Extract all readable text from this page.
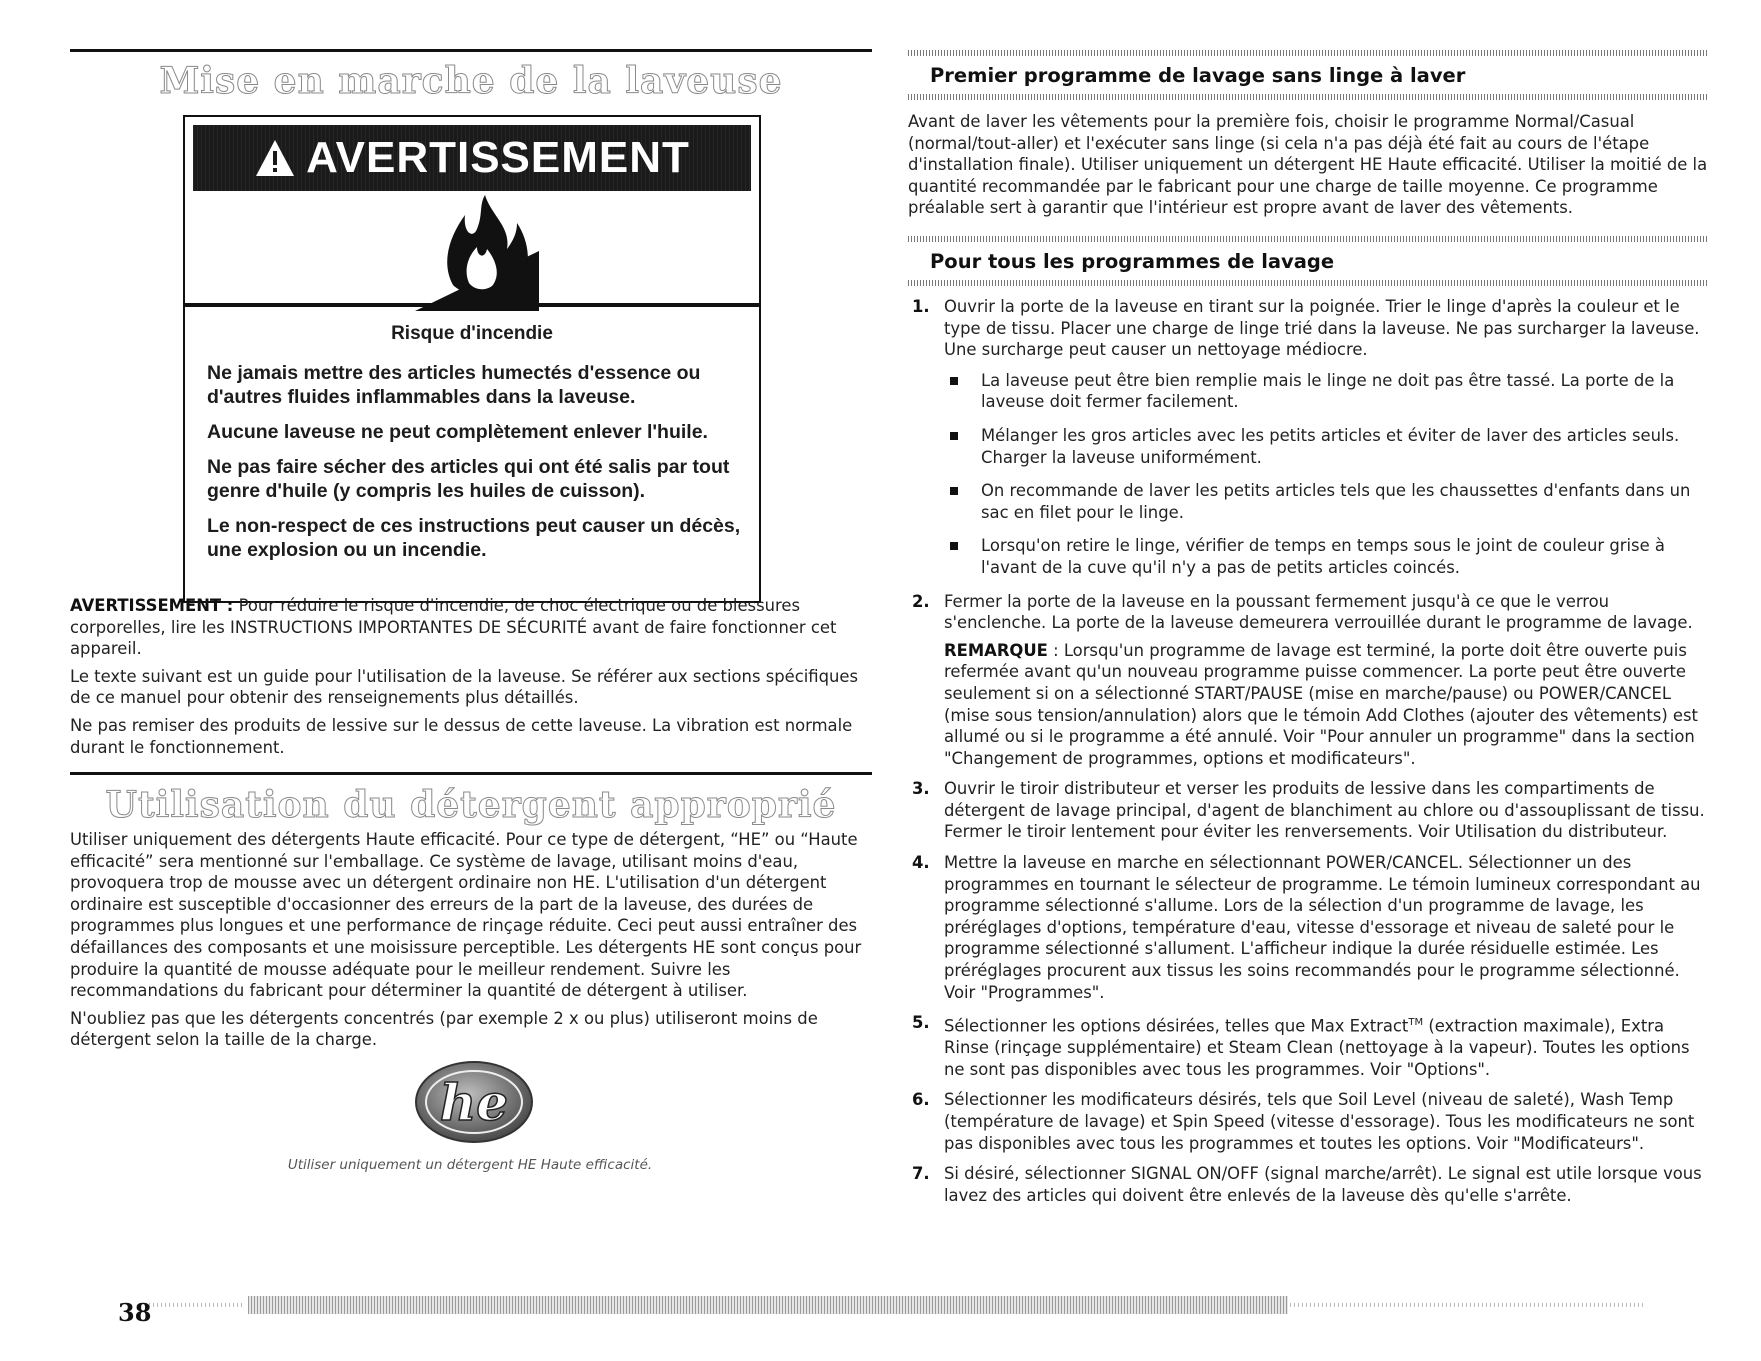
Mise en marche de la laveuse
AVERTISSEMENT
Risque d'incendie

Ne jamais mettre des articles humectés d'essence ou d'autres fluides inflammables dans la laveuse.

Aucune laveuse ne peut complètement enlever l'huile.

Ne pas faire sécher des articles qui ont été salis par tout genre d'huile (y compris les huiles de cuisson).

Le non-respect de ces instructions peut causer un décès, une explosion ou un incendie.

AVERTISSEMENT : Pour réduire le risque d'incendie, de choc électrique ou de blessures corporelles, lire les INSTRUCTIONS IMPORTANTES DE SÉCURITÉ avant de faire fonctionner cet appareil.

Le texte suivant est un guide pour l'utilisation de la laveuse. Se référer aux sections spécifiques de ce manuel pour obtenir des renseignements plus détaillés.

Ne pas remiser des produits de lessive sur le dessus de cette laveuse. La vibration est normale durant le fonctionnement.

Utilisation du détergent approprié

Utiliser uniquement des détergents Haute efficacité. Pour ce type de détergent, “HE” ou “Haute efficacité” sera mentionné sur l'emballage. Ce système de lavage, utilisant moins d'eau, provoquera trop de mousse avec un détergent ordinaire non HE. L'utilisation d'un détergent ordinaire est susceptible d'occasionner des erreurs de la part de la laveuse, des durées de programmes plus longues et une performance de rinçage réduite. Ceci peut aussi entraîner des défaillances des composants et une moisissure perceptible. Les détergents HE sont conçus pour produire la quantité de mousse adéquate pour le meilleur rendement. Suivre les recommandations du fabricant pour déterminer la quantité de détergent à utiliser.

N'oubliez pas que les détergents concentrés (par exemple 2 x ou plus) utiliseront moins de détergent selon la taille de la charge.

he
Utiliser uniquement un détergent HE Haute efficacité.
Premier programme de lavage sans linge à laver

Avant de laver les vêtements pour la première fois, choisir le programme Normal/Casual (normal/tout-aller) et l'exécuter sans linge (si cela n'a pas déjà été fait au cours de l'étape d'installation finale). Utiliser uniquement un détergent HE Haute efficacité. Utiliser la moitié de la quantité recommandée par le fabricant pour une charge de taille moyenne. Ce programme préalable sert à garantir que l'intérieur est propre avant de laver des vêtements.

Pour tous les programmes de lavage
1. Ouvrir la porte de la laveuse en tirant sur la poignée. Trier le linge d'après la couleur et le type de tissu. Placer une charge de linge trié dans la laveuse. Ne pas surcharger la laveuse. Une surcharge peut causer un nettoyage médiocre.
La laveuse peut être bien remplie mais le linge ne doit pas être tassé. La porte de la laveuse doit fermer facilement.
Mélanger les gros articles avec les petits articles et éviter de laver des articles seuls. Charger la laveuse uniformément.
On recommande de laver les petits articles tels que les chaussettes d'enfants dans un sac en filet pour le linge.
Lorsqu'on retire le linge, vérifier de temps en temps sous le joint de couleur grise à l'avant de la cuve qu'il n'y a pas de petits articles coincés.
2. Fermer la porte de la laveuse en la poussant fermement jusqu'à ce que le verrou s'enclenche. La porte de la laveuse demeurera verrouillée durant le programme de lavage.

REMARQUE : Lorsqu'un programme de lavage est terminé, la porte doit être ouverte puis refermée avant qu'un nouveau programme puisse commencer. La porte peut être ouverte seulement si on a sélectionné START/PAUSE (mise en marche/pause) ou POWER/CANCEL (mise sous tension/annulation) alors que le témoin Add Clothes (ajouter des vêtements) est allumé ou si le programme a été annulé. Voir "Pour annuler un programme" dans la section "Changement de programmes, options et modificateurs".

3. Ouvrir le tiroir distributeur et verser les produits de lessive dans les compartiments de détergent de lavage principal, d'agent de blanchiment au chlore ou d'assouplissant de tissu. Fermer le tiroir lentement pour éviter les renversements. Voir Utilisation du distributeur.
4. Mettre la laveuse en marche en sélectionnant POWER/CANCEL. Sélectionner un des programmes en tournant le sélecteur de programme. Le témoin lumineux correspondant au programme sélectionné s'allume. Lors de la sélection d'un programme de lavage, les préréglages d'options, température d'eau, vitesse d'essorage et niveau de saleté pour le programme sélectionné s'allument. L'afficheur indique la durée résiduelle estimée. Les préréglages procurent aux tissus les soins recommandés pour le programme sélectionné. Voir "Programmes".
5. Sélectionner les options désirées, telles que Max Extract™ (extraction maximale), Extra Rinse (rinçage supplémentaire) et Steam Clean (nettoyage à la vapeur). Toutes les options ne sont pas disponibles avec tous les programmes. Voir "Options".
6. Sélectionner les modificateurs désirés, tels que Soil Level (niveau de saleté), Wash Temp (température de lavage) et Spin Speed (vitesse d'essorage). Tous les modificateurs ne sont pas disponibles avec tous les programmes et toutes les options. Voir "Modificateurs".
7. Si désiré, sélectionner SIGNAL ON/OFF (signal marche/arrêt). Le signal est utile lorsque vous lavez des articles qui doivent être enlevés de la laveuse dès qu'elle s'arrête.
38
